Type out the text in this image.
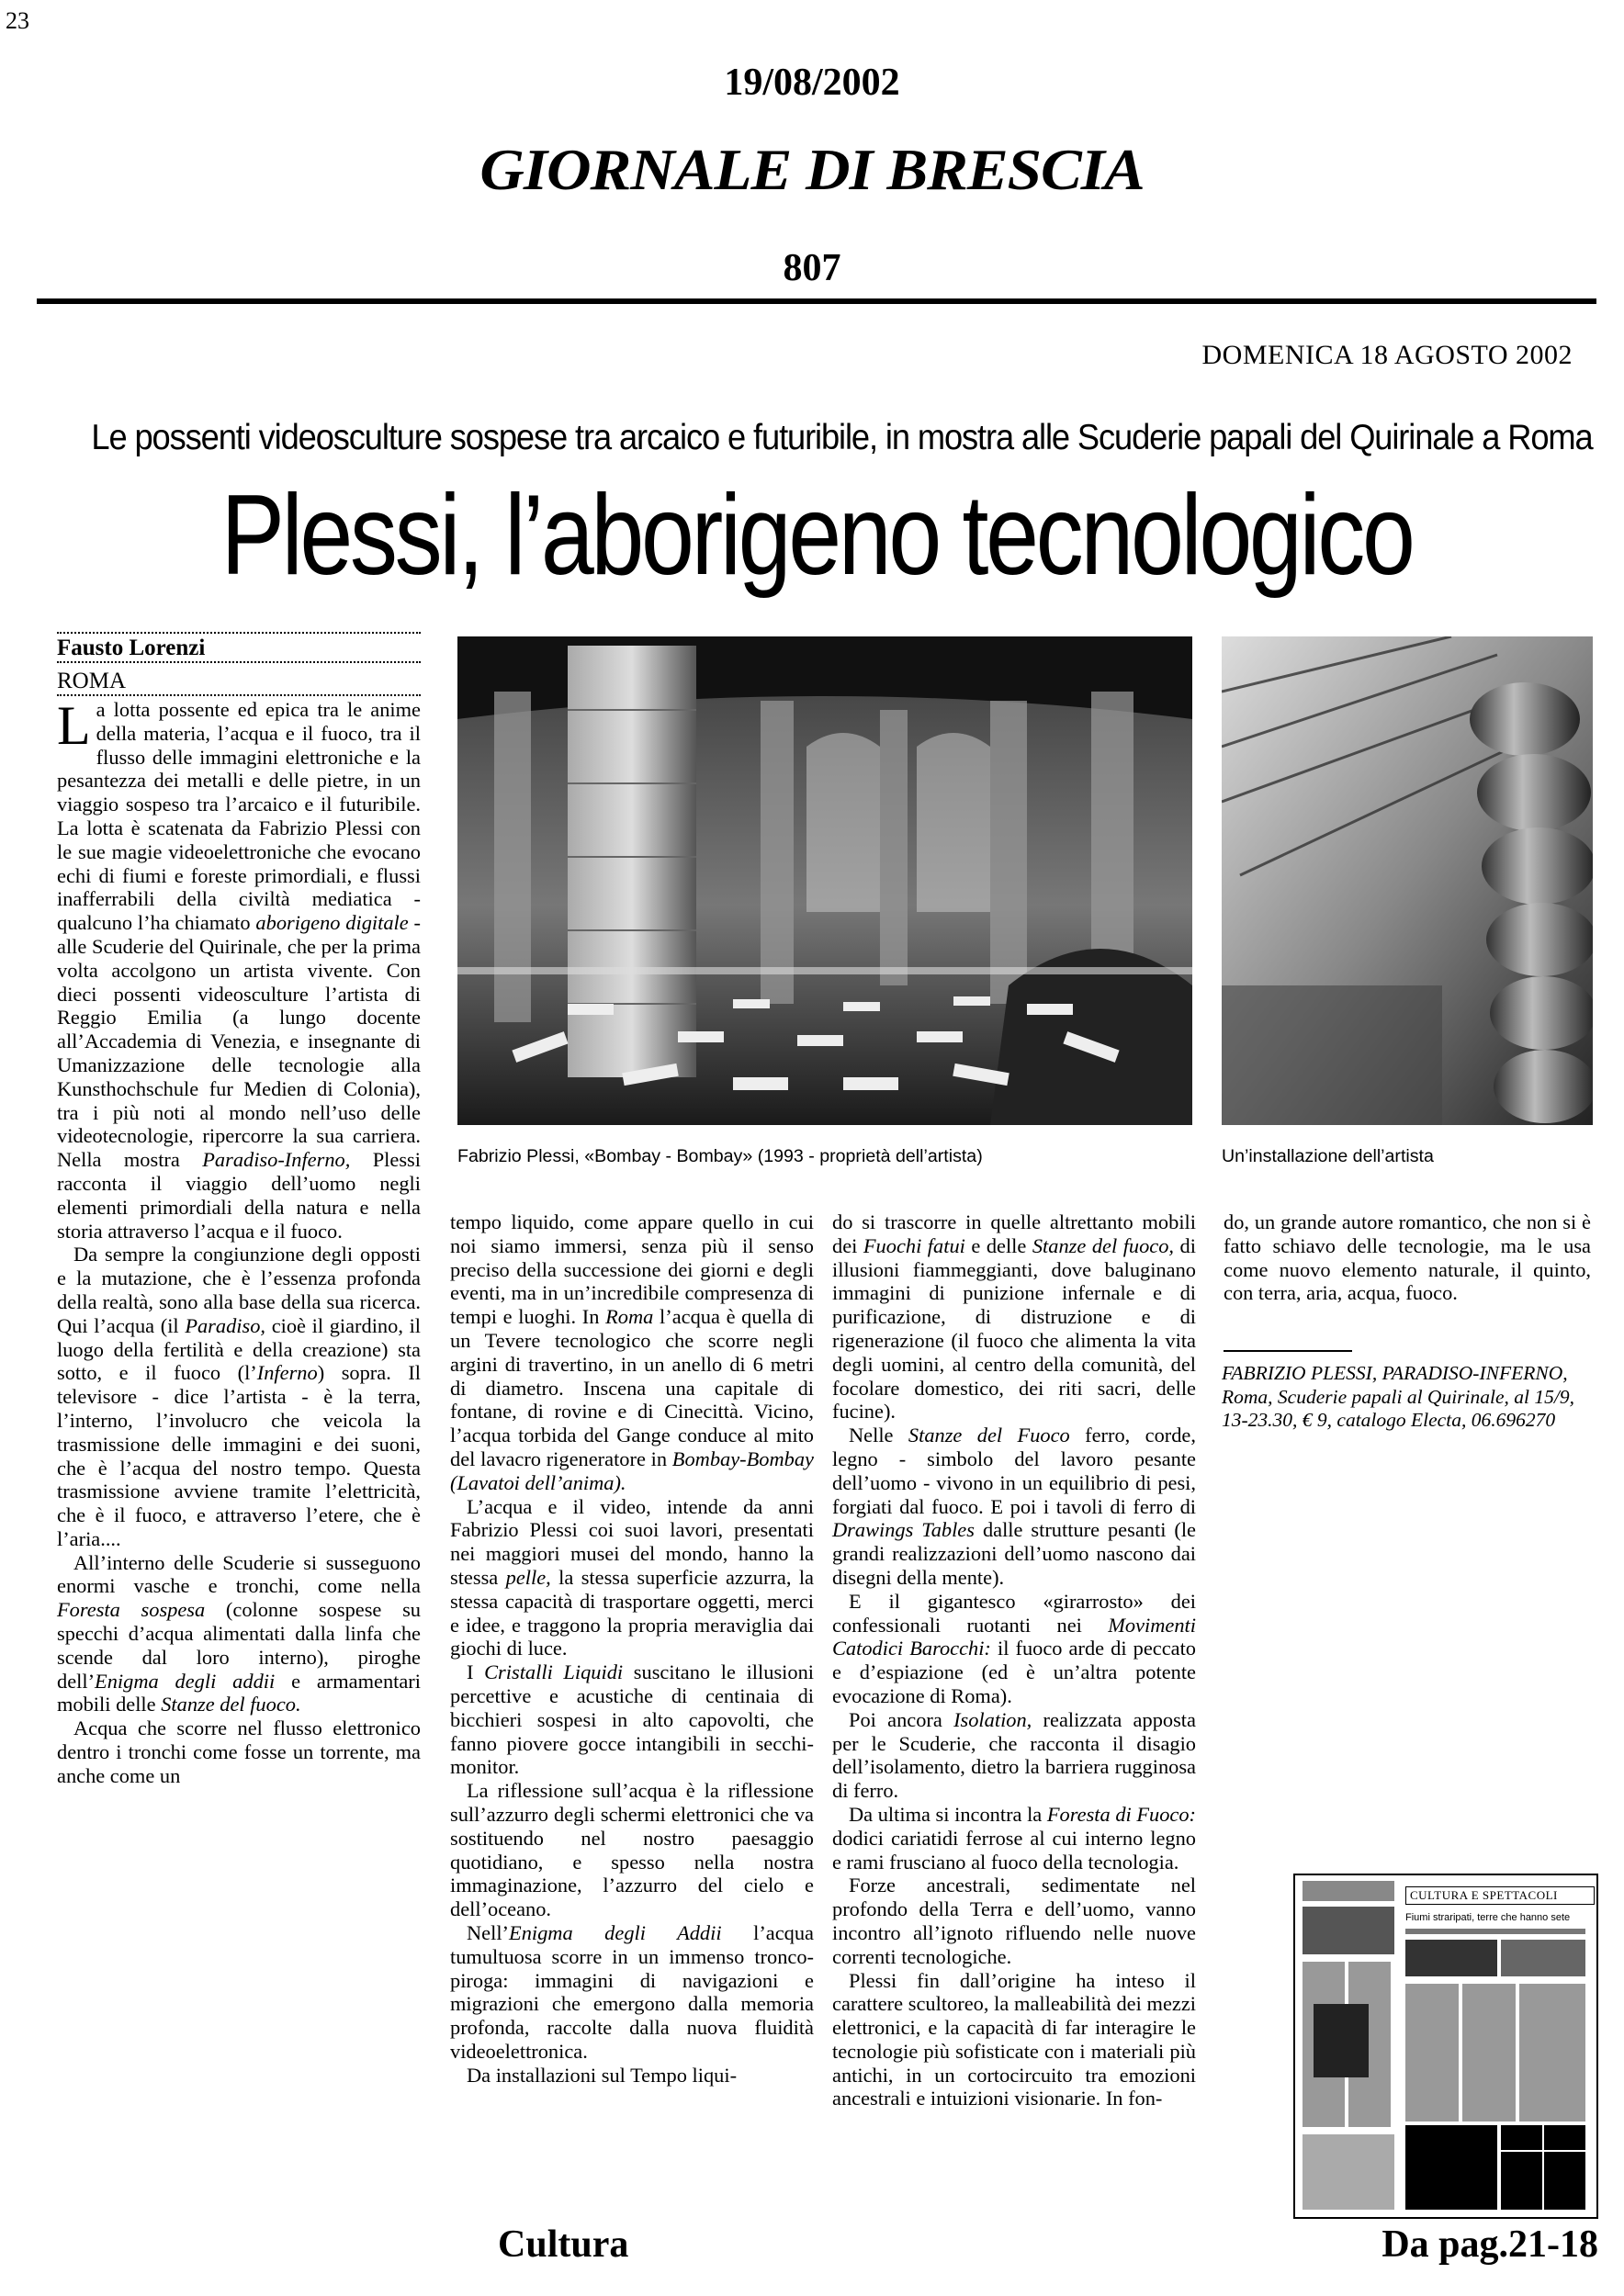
23
19/08/2002
GIORNALE DI BRESCIA
807
DOMENICA 18 AGOSTO 2002
Le possenti videosculture sospese tra arcaico e futuribile, in mostra alle Scuderie papali del Quirinale a Roma
Plessi, l’aborigeno tecnologico
Fausto Lorenzi
ROMA

La lotta possente ed epica tra le anime della materia, l’acqua e il fuoco, tra il flusso delle immagini elettroniche e la pesantezza dei metalli e delle pietre, in un viaggio sospeso tra l’arcaico e il futuribile. La lotta è scatenata da Fabrizio Plessi con le sue magie videoelettroniche che evocano echi di fiumi e foreste primordiali, e flussi inafferrabili della civiltà mediatica - qualcuno l’ha chiamato aborigeno digitale - alle Scuderie del Quirinale, che per la prima volta accolgono un artista vivente. Con dieci possenti videosculture l’artista di Reggio Emilia (a lungo docente all’Accademia di Venezia, e insegnante di Umanizzazione delle tecnologie alla Kunsthochschule fur Medien di Colonia), tra i più noti al mondo nell’uso delle videotecnologie, ripercorre la sua carriera. Nella mostra Paradiso-Inferno, Plessi racconta il viaggio dell’uomo negli elementi primordiali della natura e nella storia attraverso l’acqua e il fuoco.

Da sempre la congiunzione degli opposti e la mutazione, che è l’essenza profonda della realtà, sono alla base della sua ricerca. Qui l’acqua (il Paradiso, cioè il giardino, il luogo della fertilità e della creazione) sta sotto, e il fuoco (l’Inferno) sopra. Il televisore - dice l’artista - è la terra, l’interno, l’involucro che veicola la trasmissione delle immagini e dei suoni, che è l’acqua del nostro tempo. Questa trasmissione avviene tramite l’elettricità, che è il fuoco, e attraverso l’etere, che è l’aria....

All’interno delle Scuderie si susseguono enormi vasche e tronchi, come nella Foresta sospesa (colonne sospese su specchi d’acqua alimentati dalla linfa che scende dal loro interno), piroghe dell’Enigma degli addii e armamentari mobili delle Stanze del fuoco.

Acqua che scorre nel flusso elettronico dentro i tronchi come fosse un torrente, ma anche come un

Fabrizio Plessi, «Bombay - Bombay» (1993 - proprietà dell’artista)	Un’installazione dell’artista

tempo liquido, come appare quello in cui noi siamo immersi, senza più il senso preciso della successione dei giorni e degli eventi, ma in un’incredibile compresenza di tempi e luoghi. In Roma l’acqua è quella di un Tevere tecnologico che scorre negli argini di travertino, in un anello di 6 metri di diametro. Inscena una capitale di fontane, di rovine e di Cinecittà. Vicino, l’acqua torbida del Gange conduce al mito del lavacro rigeneratore in Bombay-Bombay (Lavatoi dell’anima).

L’acqua e il video, intende da anni Fabrizio Plessi coi suoi lavori, presentati nei maggiori musei del mondo, hanno la stessa pelle, la stessa superficie azzurra, la stessa capacità di trasportare oggetti, merci e idee, e traggono la propria meraviglia dai giochi di luce.

I Cristalli Liquidi suscitano le illusioni percettive e acustiche di centinaia di bicchieri sospesi in alto capovolti, che fanno piovere gocce intangibili in secchi-monitor.

La riflessione sull’acqua è la riflessione sull’azzurro degli schermi elettronici che va sostituendo nel nostro paesaggio quotidiano, e spesso nella nostra immaginazione, l’azzurro del cielo e dell’oceano.

Nell’Enigma degli Addii l’acqua tumultuosa scorre in un immenso tronco-piroga: immagini di navigazioni e migrazioni che emergono dalla memoria profonda, raccolte dalla nuova fluidità videoelettronica.

Da installazioni sul Tempo liqui-

do si trascorre in quelle altrettanto mobili dei Fuochi fatui e delle Stanze del fuoco, di illusioni fiammeggianti, dove baluginano immagini di punizione infernale e di purificazione, di distruzione e di rigenerazione (il fuoco che alimenta la vita degli uomini, al centro della comunità, del focolare domestico, dei riti sacri, delle fucine).

Nelle Stanze del Fuoco ferro, corde, legno - simbolo del lavoro pesante dell’uomo - vivono in un equilibrio di pesi, forgiati dal fuoco. E poi i tavoli di ferro di Drawings Tables dalle strutture pesanti (le grandi realizzazioni dell’uomo nascono dai disegni della mente).

E il gigantesco «girarrosto» dei confessionali ruotanti nei Movimenti Catodici Barocchi: il fuoco arde di peccato e d’espiazione (ed è un’altra potente evocazione di Roma).

Poi ancora Isolation, realizzata apposta per le Scuderie, che racconta il disagio dell’isolamento, dietro la barriera rugginosa di ferro.

Da ultima si incontra la Foresta di Fuoco: dodici cariatidi ferrose al cui interno legno e rami frusciano al fuoco della tecnologia.

Forze ancestrali, sedimentate nel profondo della Terra e dell’uomo, vanno incontro all’ignoto rifluendo nelle nuove correnti tecnologiche.

Plessi fin dall’origine ha inteso il carattere scultoreo, la malleabilità dei mezzi elettronici, e la capacità di far interagire le tecnologie più sofisticate con i materiali più antichi, in un cortocircuito tra emozioni ancestrali e intuizioni visionarie. In fon-

do, un grande autore romantico, che non si è fatto schiavo delle tecnologie, ma le usa come nuovo elemento naturale, il quinto, con terra, aria, acqua, fuoco.

FABRIZIO PLESSI, PARADISO-INFERNO, Roma, Scuderie papali al Quirinale, al 15/9, 13-23.30, € 9, catalogo Electa, 06.696270
CULTURA E SPETTACOLI
Fiumi straripati, terre che hanno sete
Cultura	Da pag.21-18
